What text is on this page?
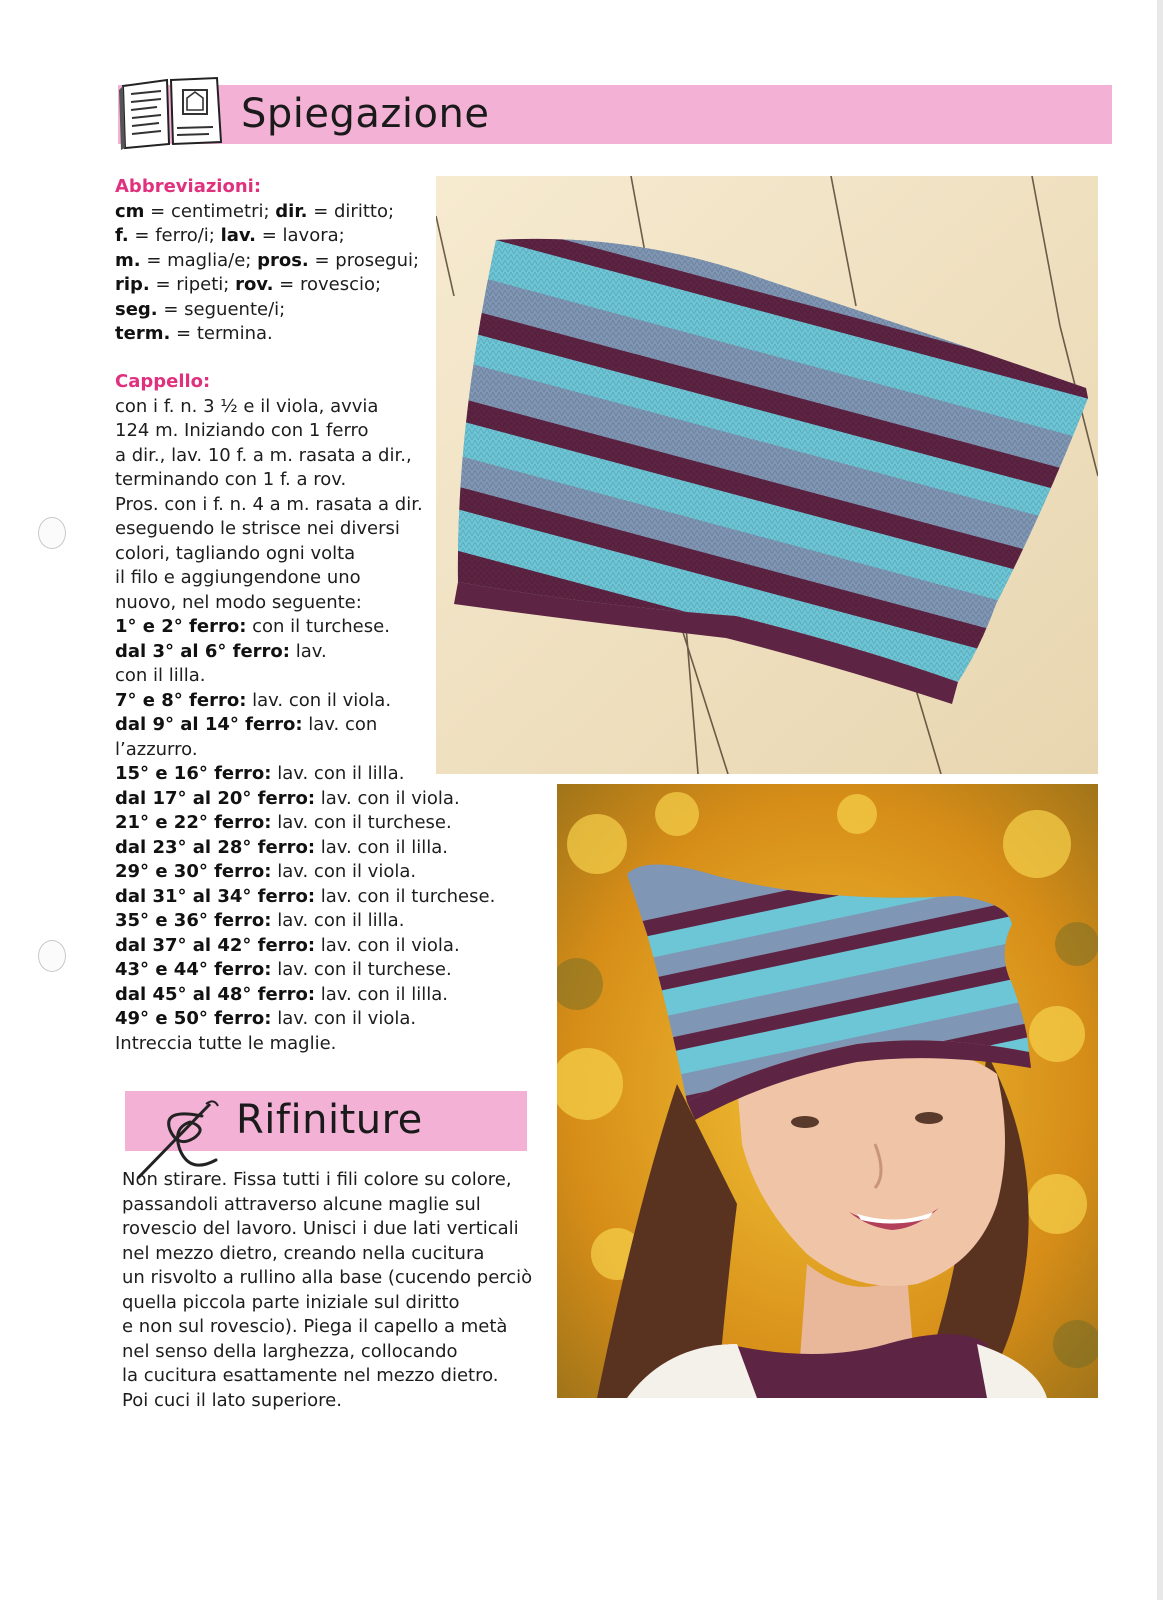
Spiegazione
Abbreviazioni:
cm = centimetri; dir. = diritto;
f. = ferro/i; lav. = lavora;
m. = maglia/e; pros. = prosegui;
rip. = ripeti; rov. = rovescio;
seg. = seguente/i;
term. = termina.
Cappello:
con i f. n. 3 ½ e il viola, avvia
124 m. Iniziando con 1 ferro
a dir., lav. 10 f. a m. rasata a dir.,
terminando con 1 f. a rov.
Pros. con i f. n. 4 a m. rasata a dir.
eseguendo le strisce nei diversi
colori, tagliando ogni volta
il filo e aggiungendone uno
nuovo, nel modo seguente:
1° e 2° ferro: con il turchese.
dal 3° al 6° ferro: lav.
con il lilla.
7° e 8° ferro: lav. con il viola.
dal 9° al 14° ferro: lav. con
l’azzurro.
15° e 16° ferro: lav. con il lilla.
dal 17° al 20° ferro: lav. con il viola.
21° e 22° ferro: lav. con il turchese.
dal 23° al 28° ferro: lav. con il lilla.
29° e 30° ferro: lav. con il viola.
dal 31° al 34° ferro: lav. con il turchese.
35° e 36° ferro: lav. con il lilla.
dal 37° al 42° ferro: lav. con il viola.
43° e 44° ferro: lav. con il turchese.
dal 45° al 48° ferro: lav. con il lilla.
49° e 50° ferro: lav. con il viola.
Intreccia tutte le maglie.
Rifiniture
Non stirare. Fissa tutti i fili colore su colore,
passandoli attraverso alcune maglie sul
rovescio del lavoro. Unisci i due lati verticali
nel mezzo dietro, creando nella cucitura
un risvolto a rullino alla base (cucendo perciò
quella piccola parte iniziale sul diritto
e non sul rovescio). Piega il capello a metà
nel senso della larghezza, collocando
la cucitura esattamente nel mezzo dietro.
Poi cuci il lato superiore.
